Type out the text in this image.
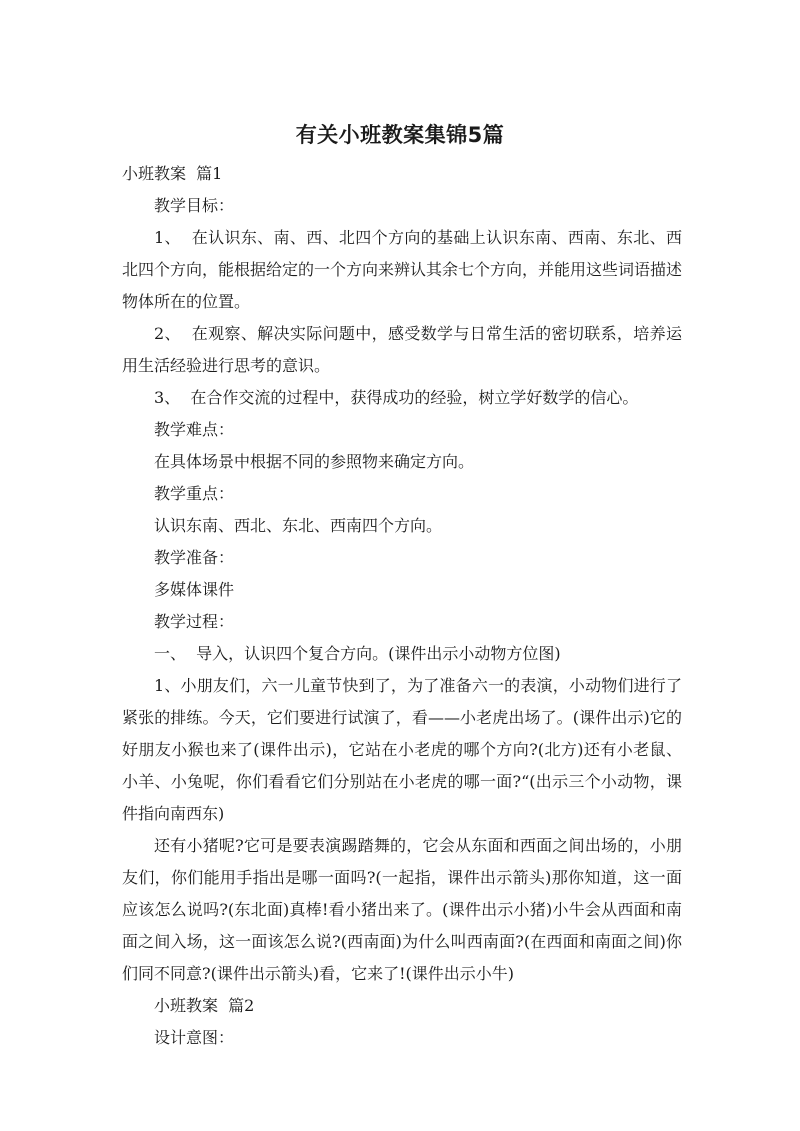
有关小班教案集锦5篇

小班教案  篇1

教学目标：

1、  在认识东、南、西、北四个方向的基础上认识东南、西南、东北、西北四个方向，能根据给定的一个方向来辨认其余七个方向，并能用这些词语描述物体所在的位置。

2、  在观察、解决实际问题中，感受数学与日常生活的密切联系，培养运用生活经验进行思考的意识。

3、  在合作交流的过程中，获得成功的经验，树立学好数学的信心。

教学难点：

在具体场景中根据不同的参照物来确定方向。

教学重点：

认识东南、西北、东北、西南四个方向。

教学准备：

多媒体课件

教学过程：

一、  导入，认识四个复合方向。(课件出示小动物方位图)

1、小朋友们，六一儿童节快到了，为了准备六一的表演，小动物们进行了紧张的排练。今天，它们要进行试演了，看——小老虎出场了。(课件出示)它的好朋友小猴也来了(课件出示)，它站在小老虎的哪个方向?(北方)还有小老鼠、小羊、小兔呢，你们看看它们分别站在小老虎的哪一面?“(出示三个小动物，课件指向南西东)

还有小猪呢?它可是要表演踢踏舞的，它会从东面和西面之间出场的，小朋友们，你们能用手指出是哪一面吗?(一起指，课件出示箭头)那你知道，这一面应该怎么说吗?(东北面)真棒!看小猪出来了。(课件出示小猪)小牛会从西面和南面之间入场，这一面该怎么说?(西南面)为什么叫西南面?(在西面和南面之间)你们同不同意?(课件出示箭头)看，它来了!(课件出示小牛)

小班教案  篇2

设计意图：
